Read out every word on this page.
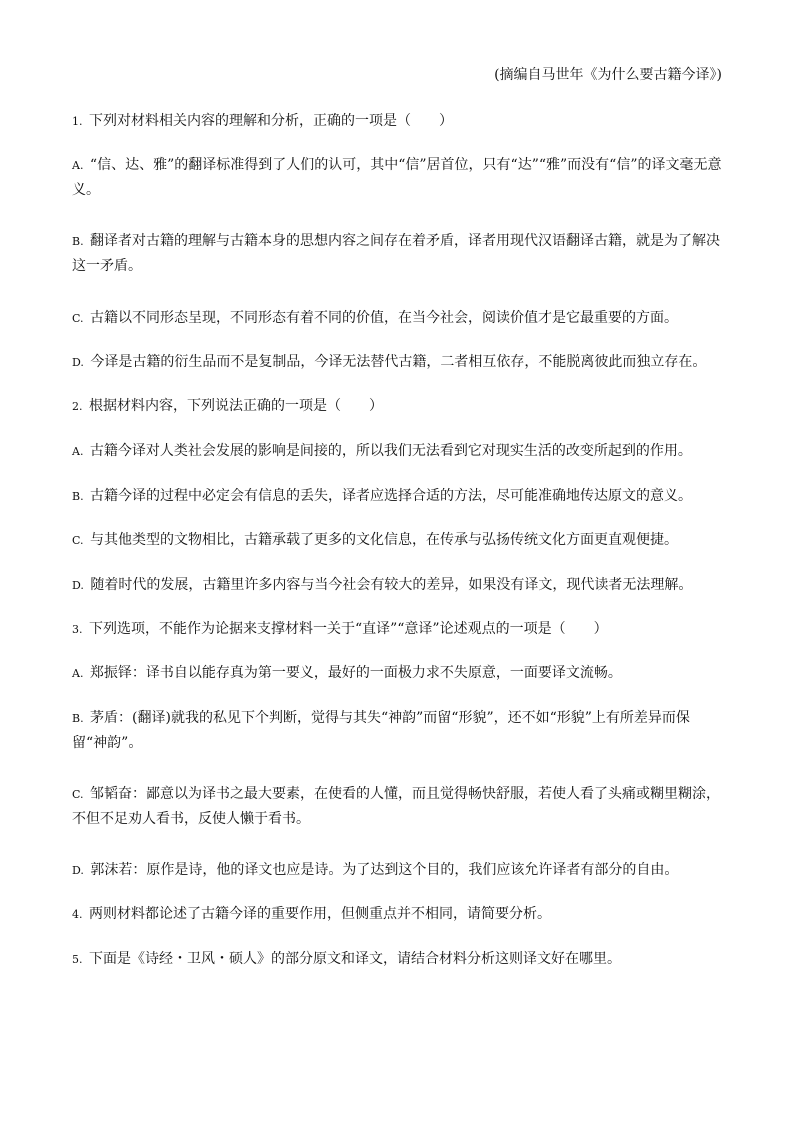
(摘编自马世年《为什么要古籍今译》)
1. 下列对材料相关内容的理解和分析，正确的一项是（　　）
A. “信、达、雅”的翻译标准得到了人们的认可，其中“信”居首位，只有“达”“雅”而没有“信”的译文毫无意义。
B. 翻译者对古籍的理解与古籍本身的思想内容之间存在着矛盾，译者用现代汉语翻译古籍，就是为了解决这一矛盾。
C. 古籍以不同形态呈现，不同形态有着不同的价值，在当今社会，阅读价值才是它最重要的方面。
D. 今译是古籍的衍生品而不是复制品，今译无法替代古籍，二者相互依存，不能脱离彼此而独立存在。
2. 根据材料内容，下列说法正确的一项是（　　）
A. 古籍今译对人类社会发展的影响是间接的，所以我们无法看到它对现实生活的改变所起到的作用。
B. 古籍今译的过程中必定会有信息的丢失，译者应选择合适的方法，尽可能准确地传达原文的意义。
C. 与其他类型的文物相比，古籍承载了更多的文化信息，在传承与弘扬传统文化方面更直观便捷。
D. 随着时代的发展，古籍里许多内容与当今社会有较大的差异，如果没有译文，现代读者无法理解。
3. 下列选项，不能作为论据来支撑材料一关于“直译”“意译”论述观点的一项是（　　）
A. 郑振铎：译书自以能存真为第一要义，最好的一面极力求不失原意，一面要译文流畅。
B. 茅盾：(翻译)就我的私见下个判断，觉得与其失“神韵”而留“形貌”，还不如“形貌”上有所差异而保留“神韵”。
C. 邹韬奋：鄙意以为译书之最大要素，在使看的人懂，而且觉得畅快舒服，若使人看了头痛或糊里糊涂，不但不足劝人看书，反使人懒于看书。
D. 郭沫若：原作是诗，他的译文也应是诗。为了达到这个目的，我们应该允许译者有部分的自由。
4. 两则材料都论述了古籍今译的重要作用，但侧重点并不相同，请简要分析。
5. 下面是《诗经・卫风・硕人》的部分原文和译文，请结合材料分析这则译文好在哪里。
